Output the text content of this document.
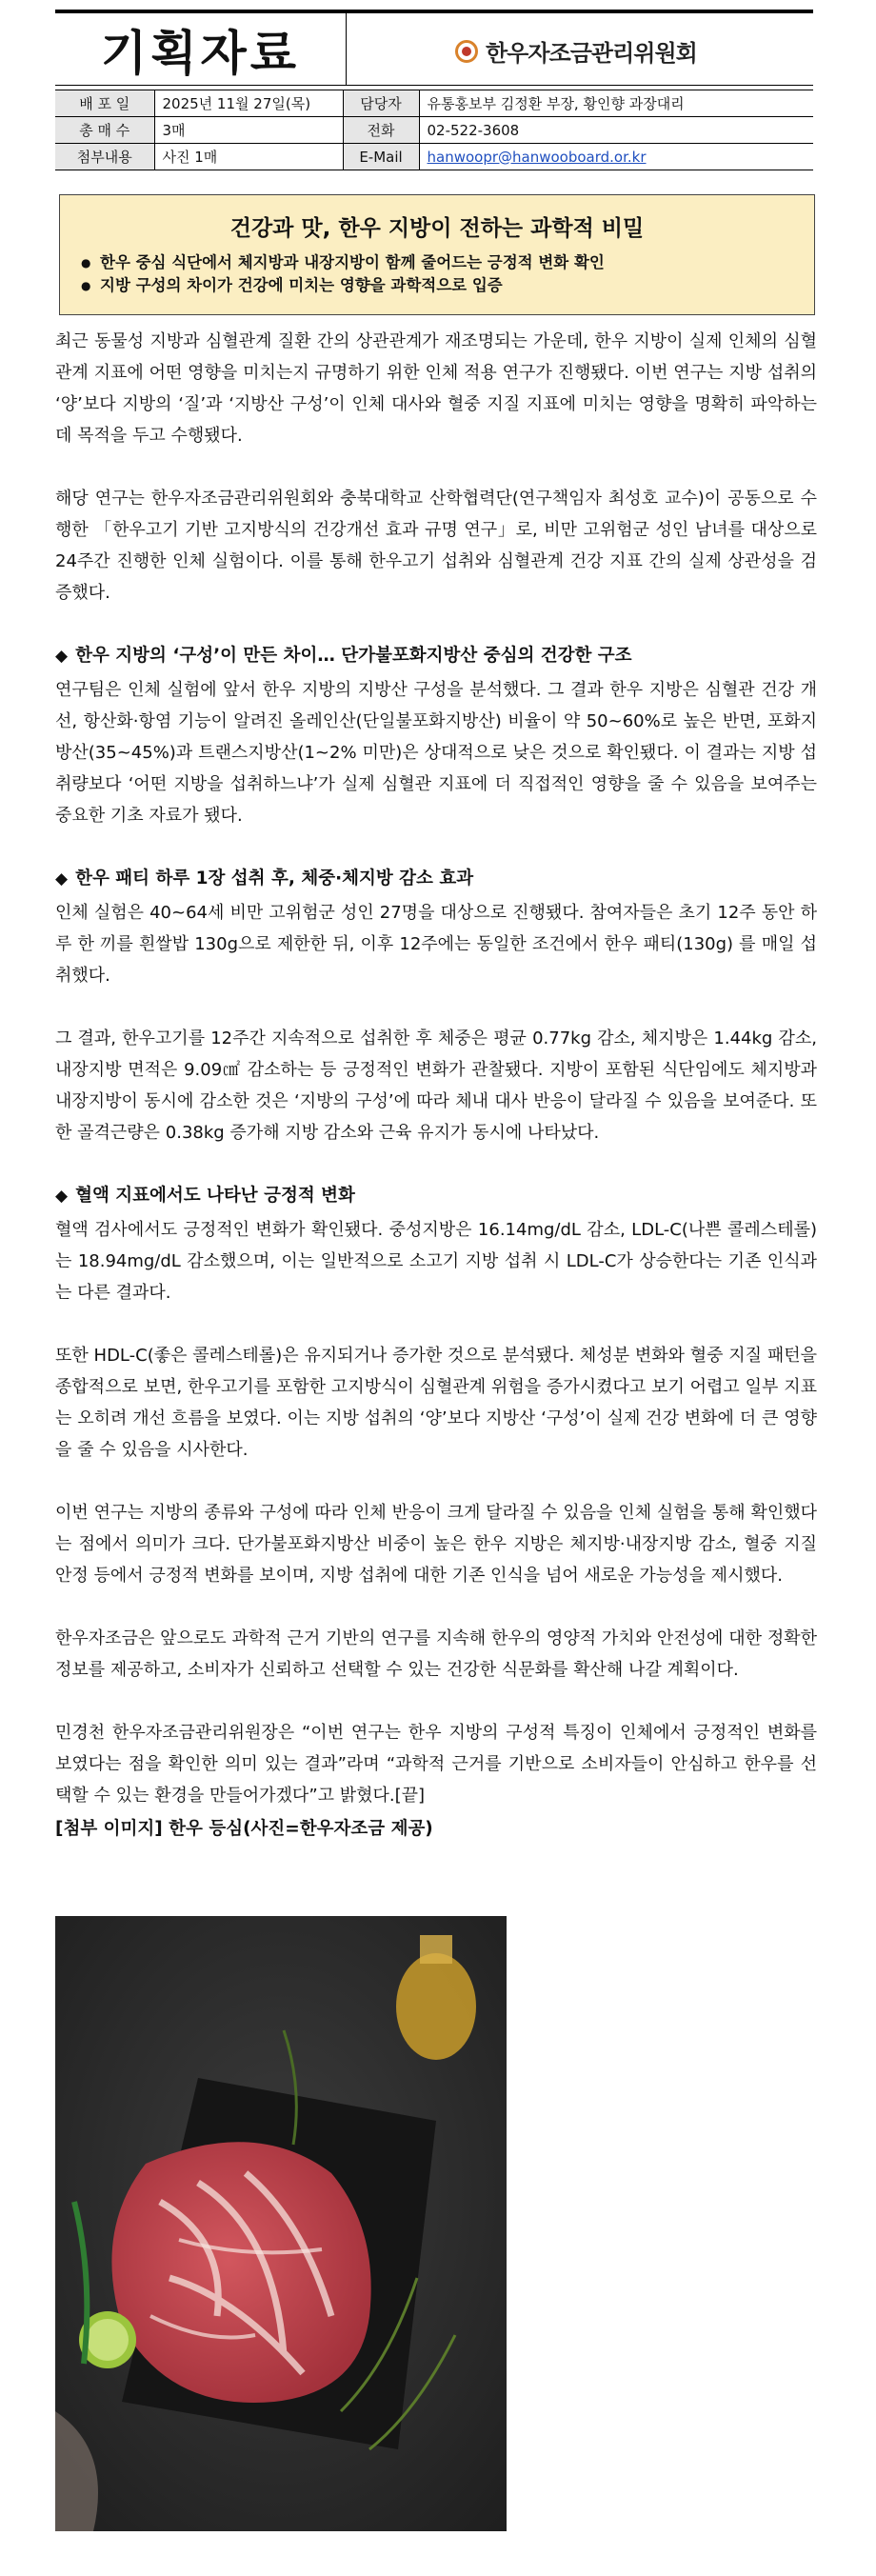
기획자료	한우자조금관리위원회
배 포 일	2025년 11월 27일(목)	담당자	유통홍보부 김정환 부장, 황인향 과장대리
총 매 수	3매	전화	02-522-3608
첨부내용	사진 1매	E-Mail	hanwoopr@hanwooboard.or.kr
건강과 맛, 한우 지방이 전하는 과학적 비밀
● 한우 중심 식단에서 체지방과 내장지방이 함께 줄어드는 긍정적 변화 확인
● 지방 구성의 차이가 건강에 미치는 영향을 과학적으로 입증

최근 동물성 지방과 심혈관계 질환 간의 상관관계가 재조명되는 가운데, 한우 지방이 실제 인체의 심혈관계 지표에 어떤 영향을 미치는지 규명하기 위한 인체 적용 연구가 진행됐다. 이번 연구는 지방 섭취의 ‘양’보다 지방의 ‘질’과 ‘지방산 구성’이 인체 대사와 혈중 지질 지표에 미치는 영향을 명확히 파악하는 데 목적을 두고 수행됐다.

해당 연구는 한우자조금관리위원회와 충북대학교 산학협력단(연구책임자 최성호 교수)이 공동으로 수행한 「한우고기 기반 고지방식의 건강개선 효과 규명 연구」로, 비만 고위험군 성인 남녀를 대상으로 24주간 진행한 인체 실험이다. 이를 통해 한우고기 섭취와 심혈관계 건강 지표 간의 실제 상관성을 검증했다.

◆ 한우 지방의 ‘구성’이 만든 차이… 단가불포화지방산 중심의 건강한 구조

연구팀은 인체 실험에 앞서 한우 지방의 지방산 구성을 분석했다. 그 결과 한우 지방은 심혈관 건강 개선, 항산화·항염 기능이 알려진 올레인산(단일불포화지방산) 비율이 약 50~60%로 높은 반면, 포화지방산(35~45%)과 트랜스지방산(1~2% 미만)은 상대적으로 낮은 것으로 확인됐다. 이 결과는 지방 섭취량보다 ‘어떤 지방을 섭취하느냐’가 실제 심혈관 지표에 더 직접적인 영향을 줄 수 있음을 보여주는 중요한 기초 자료가 됐다.

◆ 한우 패티 하루 1장 섭취 후, 체중·체지방 감소 효과

인체 실험은 40~64세 비만 고위험군 성인 27명을 대상으로 진행됐다. 참여자들은 초기 12주 동안 하루 한 끼를 흰쌀밥 130g으로 제한한 뒤, 이후 12주에는 동일한 조건에서 한우 패티(130g) 를 매일 섭취했다.

그 결과, 한우고기를 12주간 지속적으로 섭취한 후 체중은 평균 0.77kg 감소, 체지방은 1.44kg 감소, 내장지방 면적은 9.09㎠ 감소하는 등 긍정적인 변화가 관찰됐다. 지방이 포함된 식단임에도 체지방과 내장지방이 동시에 감소한 것은 ‘지방의 구성’에 따라 체내 대사 반응이 달라질 수 있음을 보여준다. 또한 골격근량은 0.38kg 증가해 지방 감소와 근육 유지가 동시에 나타났다.

◆ 혈액 지표에서도 나타난 긍정적 변화

혈액 검사에서도 긍정적인 변화가 확인됐다. 중성지방은 16.14mg/dL 감소, LDL-C(나쁜 콜레스테롤)는 18.94mg/dL 감소했으며, 이는 일반적으로 소고기 지방 섭취 시 LDL-C가 상승한다는 기존 인식과는 다른 결과다.

또한 HDL-C(좋은 콜레스테롤)은 유지되거나 증가한 것으로 분석됐다. 체성분 변화와 혈중 지질 패턴을 종합적으로 보면, 한우고기를 포함한 고지방식이 심혈관계 위험을 증가시켰다고 보기 어렵고 일부 지표는 오히려 개선 흐름을 보였다. 이는 지방 섭취의 ‘양’보다 지방산 ‘구성’이 실제 건강 변화에 더 큰 영향을 줄 수 있음을 시사한다.

이번 연구는 지방의 종류와 구성에 따라 인체 반응이 크게 달라질 수 있음을 인체 실험을 통해 확인했다는 점에서 의미가 크다. 단가불포화지방산 비중이 높은 한우 지방은 체지방·내장지방 감소, 혈중 지질 안정 등에서 긍정적 변화를 보이며, 지방 섭취에 대한 기존 인식을 넘어 새로운 가능성을 제시했다.

한우자조금은 앞으로도 과학적 근거 기반의 연구를 지속해 한우의 영양적 가치와 안전성에 대한 정확한 정보를 제공하고, 소비자가 신뢰하고 선택할 수 있는 건강한 식문화를 확산해 나갈 계획이다.

민경천 한우자조금관리위원장은 “이번 연구는 한우 지방의 구성적 특징이 인체에서 긍정적인 변화를 보였다는 점을 확인한 의미 있는 결과”라며 “과학적 근거를 기반으로 소비자들이 안심하고 한우를 선택할 수 있는 환경을 만들어가겠다”고 밝혔다.[끝]

[첨부 이미지] 한우 등심(사진=한우자조금 제공)
